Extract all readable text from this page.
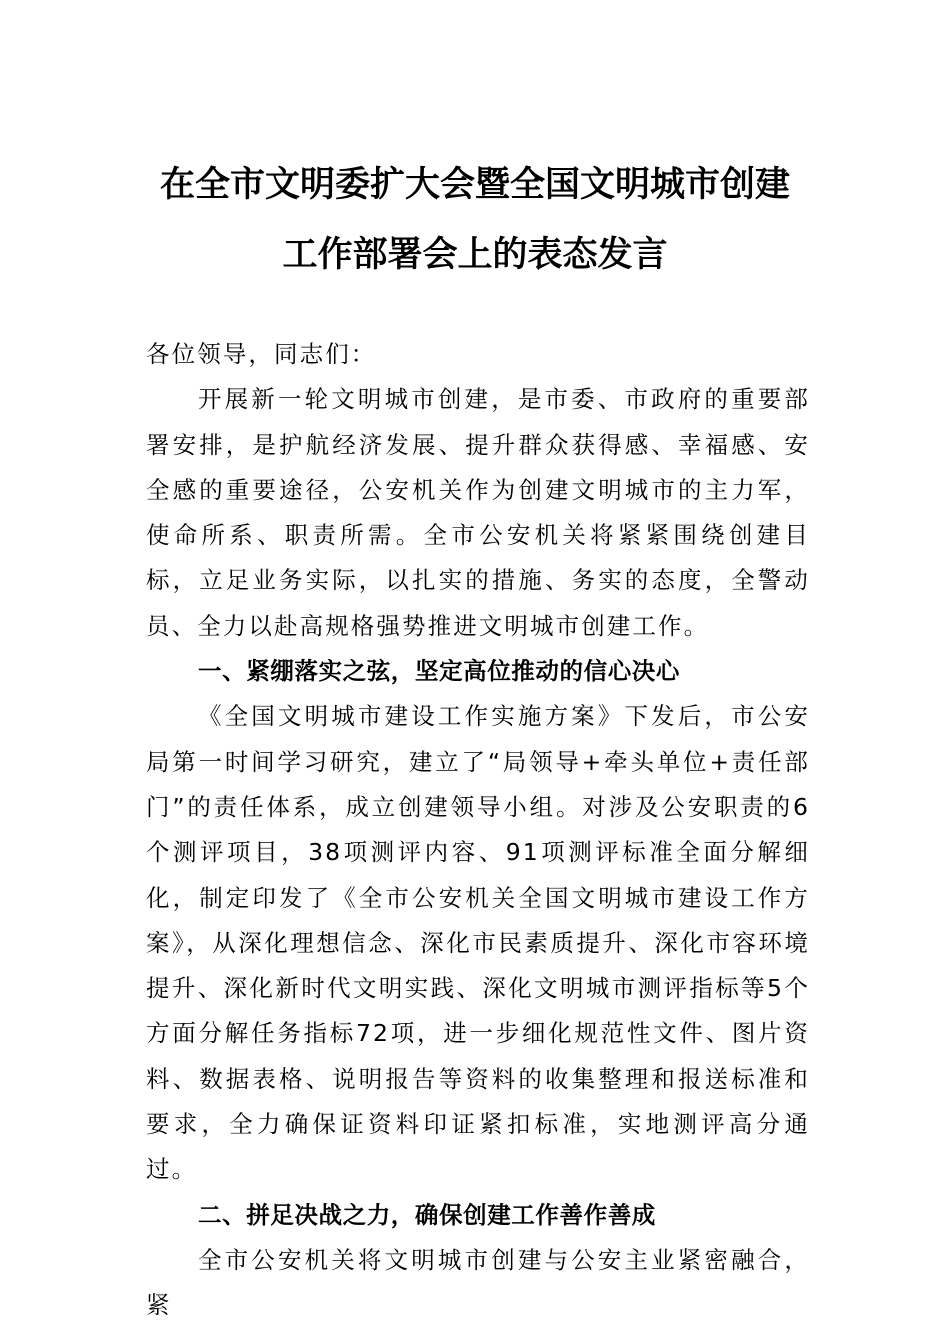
在全市文明委扩大会暨全国文明城市创建
工作部署会上的表态发言

各位领导，同志们：

开展新一轮文明城市创建，是市委、市政府的重要部署安排，是护航经济发展、提升群众获得感、幸福感、安全感的重要途径，公安机关作为创建文明城市的主力军，使命所系、职责所需。全市公安机关将紧紧围绕创建目标，立足业务实际，以扎实的措施、务实的态度，全警动员、全力以赴高规格强势推进文明城市创建工作。

一、紧绷落实之弦，坚定高位推动的信心决心

《全国文明城市建设工作实施方案》下发后，市公安局第一时间学习研究，建立了“局领导+牵头单位+责任部门”的责任体系，成立创建领导小组。对涉及公安职责的6个测评项目，38项测评内容、91项测评标准全面分解细化，制定印发了《全市公安机关全国文明城市建设工作方案》，从深化理想信念、深化市民素质提升、深化市容环境提升、深化新时代文明实践、深化文明城市测评指标等5个方面分解任务指标72项，进一步细化规范性文件、图片资料、数据表格、说明报告等资料的收集整理和报送标准和要求，全力确保证资料印证紧扣标准，实地测评高分通过。

二、拼足决战之力，确保创建工作善作善成

全市公安机关将文明城市创建与公安主业紧密融合，紧
